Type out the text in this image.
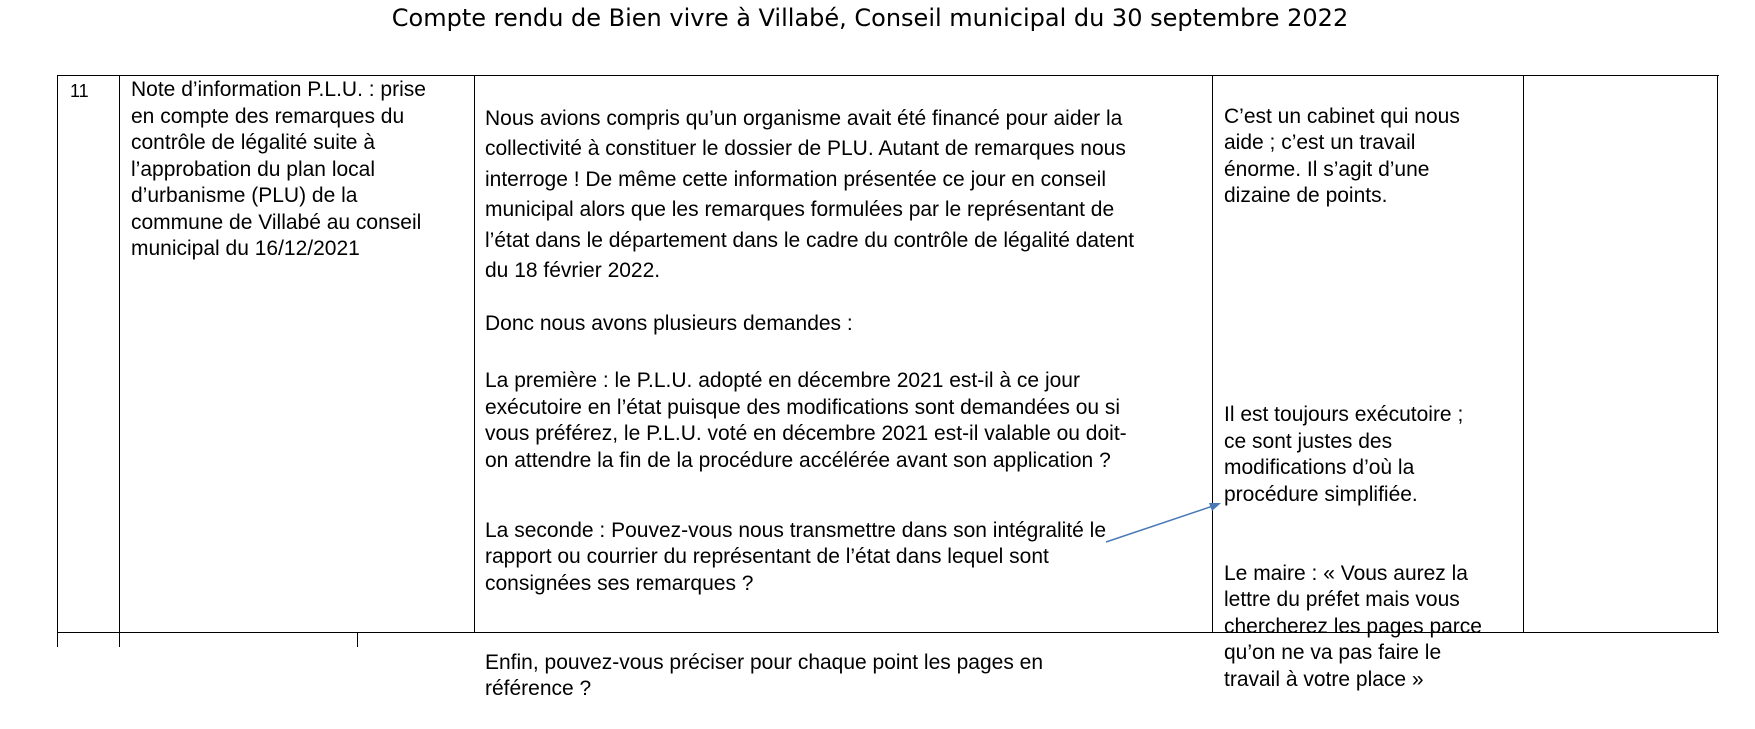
Compte rendu de Bien vivre à Villabé, Conseil municipal du 30 septembre 2022
11	Note d’information P.L.U. : prise
en compte des remarques du
contrôle de légalité suite à
l’approbation du plan local
d’urbanisme (PLU) de la
commune de Villabé au conseil
municipal du 16/12/2021

Nous avions compris qu’un organisme avait été financé pour aider la
collectivité à constituer le dossier de PLU. Autant de remarques nous
interroge ! De même cette information présentée ce jour en conseil
municipal alors que les remarques formulées par le représentant de
l’état dans le département dans le cadre du contrôle de légalité datent
du 18 février 2022.

Donc nous avons plusieurs demandes :

La première : le P.L.U. adopté en décembre 2021 est-il à ce jour
exécutoire en l’état puisque des modifications sont demandées ou si
vous préférez, le P.L.U. voté en décembre 2021 est-il valable ou doit-
on attendre la fin de la procédure accélérée avant son application ?

La seconde : Pouvez-vous nous transmettre dans son intégralité le
rapport ou courrier du représentant de l’état dans lequel sont
consignées ses remarques ?

Enfin, pouvez-vous préciser pour chaque point les pages en
référence ?

C’est un cabinet qui nous
aide ; c’est un travail
énorme. Il s’agit d’une
dizaine de points.

Il est toujours exécutoire ;
ce sont justes des
modifications d’où la
procédure simplifiée.

Le maire : « Vous aurez la
lettre du préfet mais vous
chercherez les pages parce
qu’on ne va pas faire le
travail à votre place »
